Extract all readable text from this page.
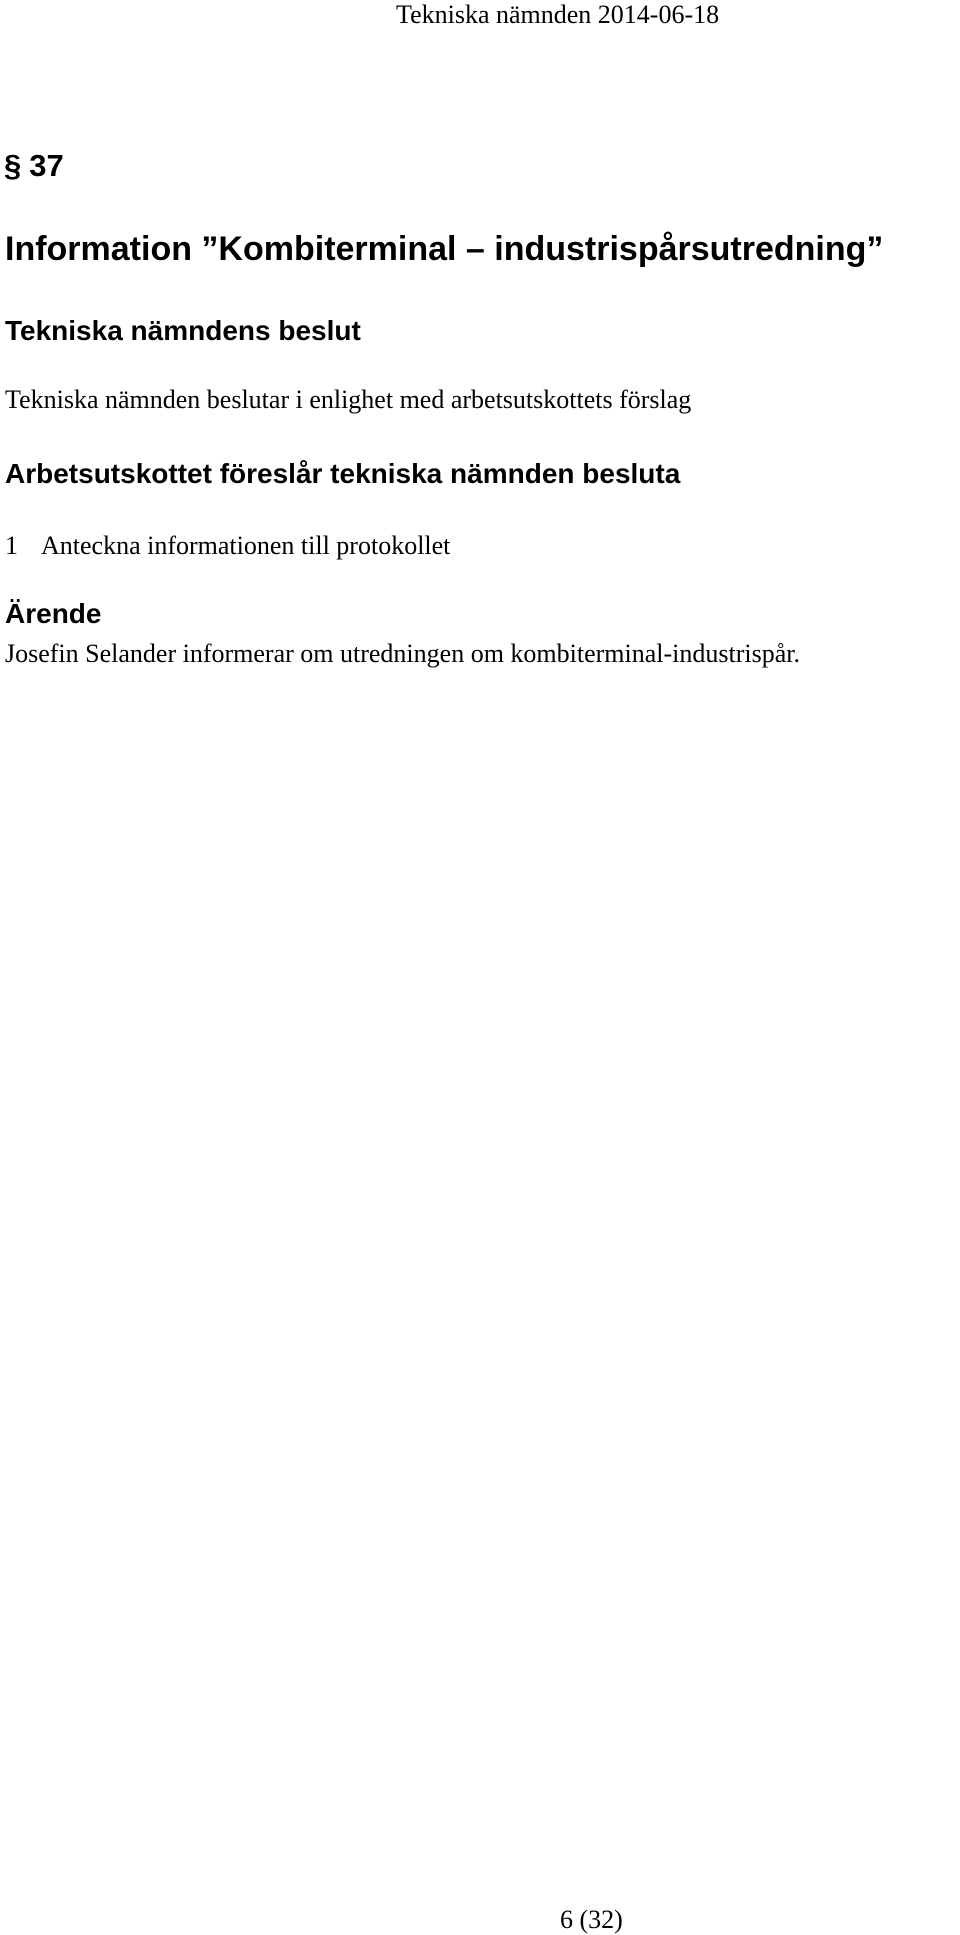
Tekniska nämnden 2014-06-18
§ 37
Information ”Kombiterminal – industrispårsutredning”
Tekniska nämndens beslut
Tekniska nämnden beslutar i enlighet med arbetsutskottets förslag
Arbetsutskottet föreslår tekniska nämnden besluta
1 Anteckna informationen till protokollet
Ärende
Josefin Selander informerar om utredningen om kombiterminal-industrispår.
6 (32)
